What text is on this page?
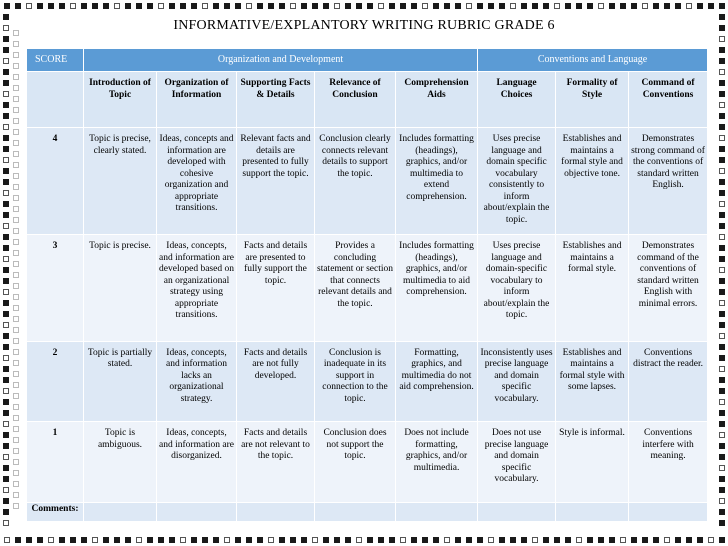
INFORMATIVE/EXPLANTORY WRITING RUBRIC GRADE 6
SCORE	Organization and Development					Conventions and Language		
	Introduction of Topic	Organization of Information	Supporting Facts & Details	Relevance of Conclusion	Comprehension Aids	Language Choices	Formality of Style	Command of Conventions
4	Topic is precise, clearly stated.	Ideas, concepts and information are developed with cohesive organization and appropriate transitions.	Relevant facts and details are presented to fully support the topic.	Conclusion clearly connects relevant details to support the topic.	Includes formatting (headings), graphics, and/or multimedia to extend comprehension.	Uses precise language and domain specific vocabulary consistently to inform about/explain the topic.	Establishes and maintains a formal style and objective tone.	Demonstrates strong command of the conventions of standard written English.
3	Topic is precise.	Ideas, concepts, and information are developed based on an organizational strategy using appropriate transitions.	Facts and details are presented to fully support the topic.	Provides a concluding statement or section that connects relevant details and the topic.	Includes formatting (headings), graphics, and/or multimedia to aid comprehension.	Uses precise language and domain-specific vocabulary to inform about/explain the topic.	Establishes and maintains a formal style.	Demonstrates command of the conventions of standard written English with minimal errors.
2	Topic is partially stated.	Ideas, concepts, and information lacks an organizational strategy.	Facts and details are not fully developed.	Conclusion is inadequate in its support in connection to the topic.	Formatting, graphics, and multimedia do not aid comprehension.	Inconsistently uses precise language and domain specific vocabulary.	Establishes and maintains a formal style with some lapses.	Conventions distract the reader.
1	Topic is ambiguous.	Ideas, concepts, and information are disorganized.	Facts and details are not relevant to the topic.	Conclusion does not support the topic.	Does not include formatting, graphics, and/or multimedia.	Does not use precise language and domain specific vocabulary.	Style is informal.	Conventions interfere with meaning.
Comments:								
